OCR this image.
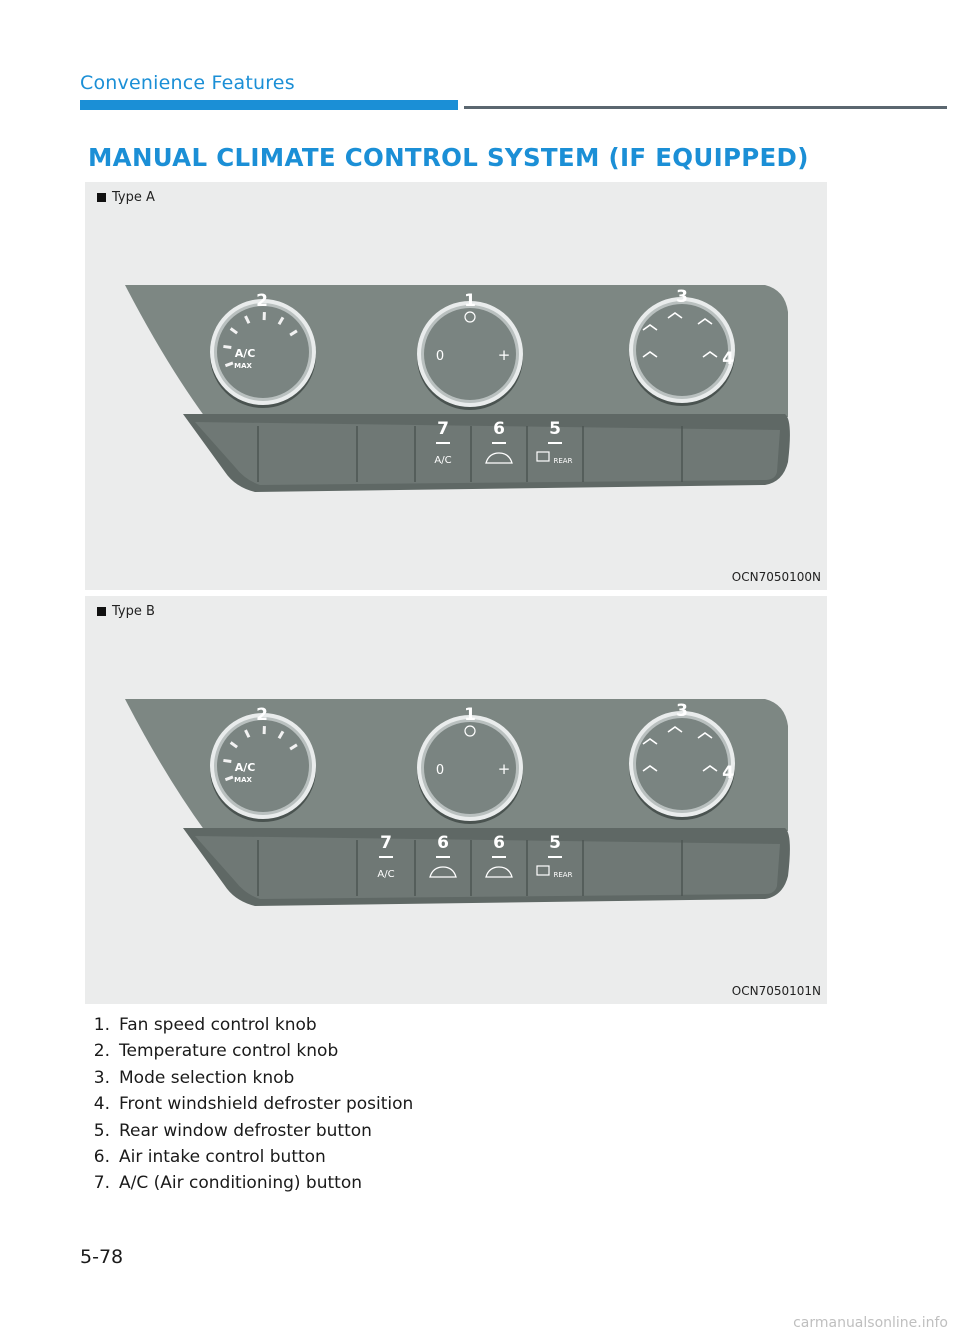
Convenience Features
MANUAL CLIMATE CONTROL SYSTEM (IF EQUIPPED)
Type A
A/C
MAX
0	+
2	1	3
4
7
A/C
6	5
REAR
OCN7050100N
Type B
A/C
MAX
0	+
2	1	3
4
7
A/C
6	6	5
REAR
OCN7050101N
1. Fan speed control knob
2. Temperature control knob
3. Mode selection knob
4. Front windshield defroster position
5. Rear window defroster button
6. Air intake control button
7. A/C (Air conditioning) button
5-78
carmanualsonline.info
